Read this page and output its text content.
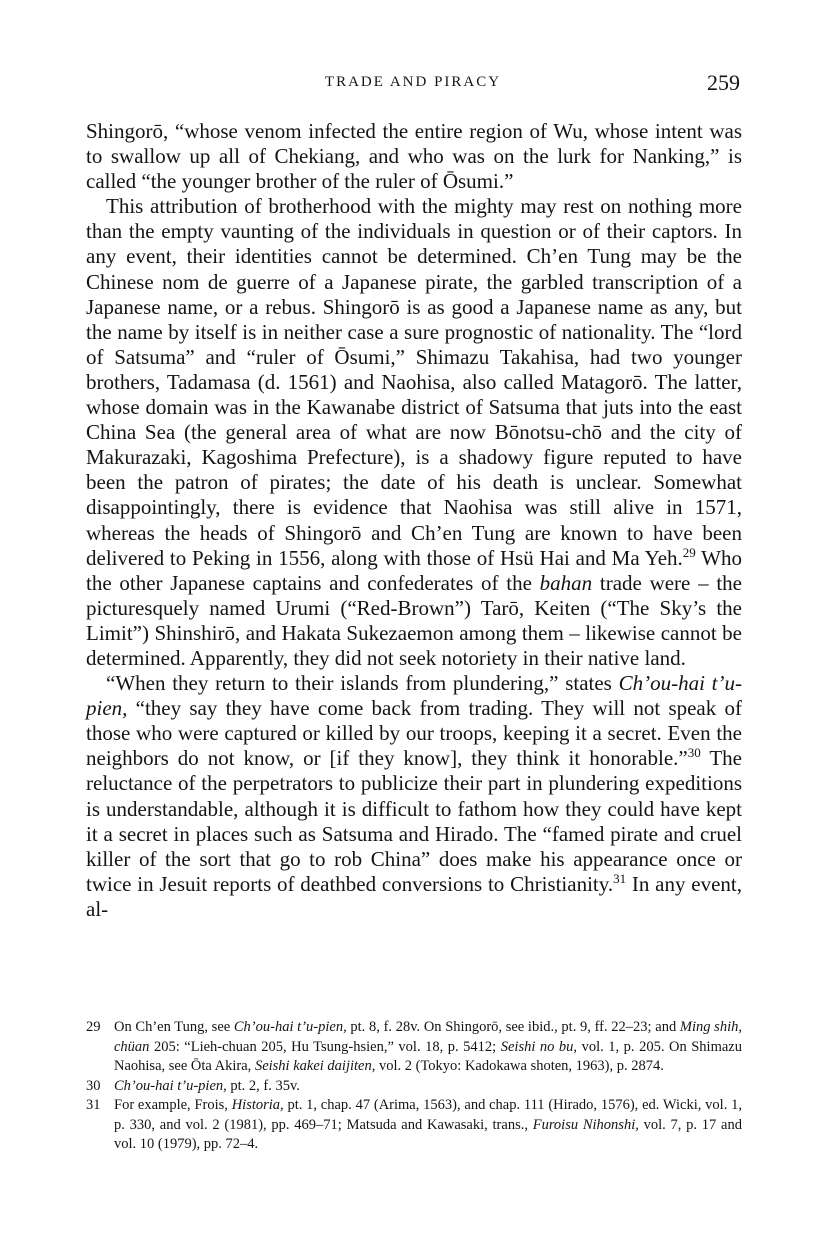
TRADE AND PIRACY	259

Shingorō, “whose venom infected the entire region of Wu, whose intent was to swallow up all of Chekiang, and who was on the lurk for Nanking,” is called “the younger brother of the ruler of Ōsumi.”

This attribution of brotherhood with the mighty may rest on nothing more than the empty vaunting of the individuals in question or of their captors. In any event, their identities cannot be determined. Ch’en Tung may be the Chinese nom de guerre of a Japanese pirate, the garbled transcription of a Japanese name, or a rebus. Shingorō is as good a Japanese name as any, but the name by itself is in neither case a sure prognostic of nationality. The “lord of Satsuma” and “ruler of Ōsumi,” Shimazu Takahisa, had two younger brothers, Tadamasa (d. 1561) and Naohisa, also called Matagorō. The latter, whose domain was in the Kawanabe district of Satsuma that juts into the east China Sea (the general area of what are now Bōnotsu-chō and the city of Makurazaki, Kagoshima Prefecture), is a shadowy figure reputed to have been the patron of pirates; the date of his death is unclear. Somewhat disappointingly, there is evidence that Naohisa was still alive in 1571, whereas the heads of Shingorō and Ch’en Tung are known to have been delivered to Peking in 1556, along with those of Hsü Hai and Ma Yeh.$^{29}$ Who the other Japanese captains and confederates of the bahan trade were – the picturesquely named Urumi (“Red-Brown”) Tarō, Keiten (“The Sky’s the Limit”) Shinshirō, and Hakata Sukezaemon among them – likewise cannot be determined. Apparently, they did not seek notoriety in their native land.

“When they return to their islands from plundering,” states Ch’ou-hai t’u-pien, “they say they have come back from trading. They will not speak of those who were captured or killed by our troops, keeping it a secret. Even the neighbors do not know, or [if they know], they think it honorable.”$^{30}$ The reluctance of the perpetrators to publicize their part in plundering expeditions is understandable, although it is difficult to fathom how they could have kept it a secret in places such as Satsuma and Hirado. The “famed pirate and cruel killer of the sort that go to rob China” does make his appearance once or twice in Jesuit reports of deathbed conversions to Christianity.$^{31}$ In any event, al-

29 On Ch’en Tung, see Ch’ou-hai t’u-pien, pt. 8, f. 28v. On Shingorō, see ibid., pt. 9, ff. 22–23; and Ming shih, chüan 205: “Lieh-chuan 205, Hu Tsung-hsien,” vol. 18, p. 5412; Seishi no bu, vol. 1, p. 205. On Shimazu Naohisa, see Ōta Akira, Seishi kakei daijiten, vol. 2 (Tokyo: Kadokawa shoten, 1963), p. 2874.

30 Ch’ou-hai t’u-pien, pt. 2, f. 35v.

31 For example, Frois, Historia, pt. 1, chap. 47 (Arima, 1563), and chap. 111 (Hirado, 1576), ed. Wicki, vol. 1, p. 330, and vol. 2 (1981), pp. 469–71; Matsuda and Kawasaki, trans., Furoisu Nihonshi, vol. 7, p. 17 and vol. 10 (1979), pp. 72–4.
